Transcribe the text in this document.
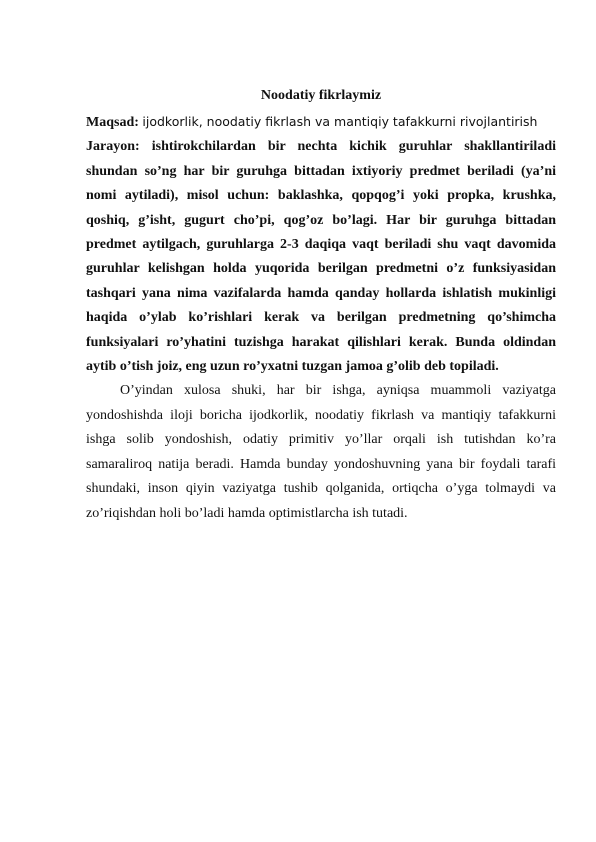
Noodatiy fikrlaymiz

Maqsad: ijodkorlik, noodatiy fikrlash va mantiqiy tafakkurni rivojlantirish

Jarayon: ishtirokchilardan bir nechta kichik guruhlar shakllantiriladi shundan so’ng har bir guruhga bittadan ixtiyoriy predmet beriladi (ya’ni nomi aytiladi), misol uchun: baklashka, qopqog’i yoki propka, krushka, qoshiq, g’isht, gugurt cho’pi, qog’oz bo’lagi. Har bir guruhga bittadan predmet aytilgach, guruhlarga 2-3 daqiqa vaqt beriladi shu vaqt davomida guruhlar kelishgan holda yuqorida berilgan predmetni o’z funksiyasidan tashqari yana nima vazifalarda hamda qanday hollarda ishlatish mukinligi haqida o’ylab ko’rishlari kerak va berilgan predmetning qo’shimcha funksiyalari ro’yhatini tuzishga harakat qilishlari kerak. Bunda oldindan aytib o’tish joiz, eng uzun ro’yxatni tuzgan jamoa g’olib deb topiladi.

O’yindan xulosa shuki, har bir ishga, ayniqsa muammoli vaziyatga yondoshishda iloji boricha ijodkorlik, noodatiy fikrlash va mantiqiy tafakkurni ishga solib yondoshish, odatiy primitiv yo’llar orqali ish tutishdan ko’ra samaraliroq natija beradi. Hamda bunday yondoshuvning yana bir foydali tarafi shundaki, inson qiyin vaziyatga tushib qolganida, ortiqcha o’yga tolmaydi va zo’riqishdan holi bo’ladi hamda optimistlarcha ish tutadi.
